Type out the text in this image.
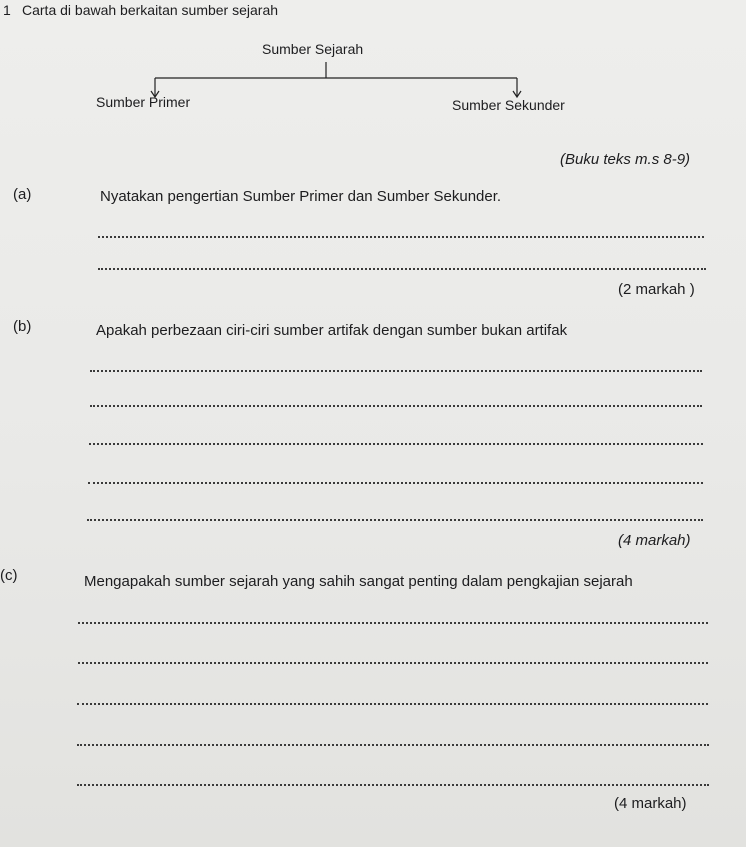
1 Carta di bawah berkaitan sumber sejarah
Sumber Sejarah
Sumber Primer	Sumber Sekunder
(Buku teks m.s 8-9)
(a)	Nyatakan pengertian Sumber Primer dan Sumber Sekunder.
(2 markah )
(b)	Apakah perbezaan ciri-ciri sumber artifak dengan sumber bukan artifak
(4 markah)
(c)	Mengapakah sumber sejarah yang sahih sangat penting dalam pengkajian sejarah
(4 markah)
